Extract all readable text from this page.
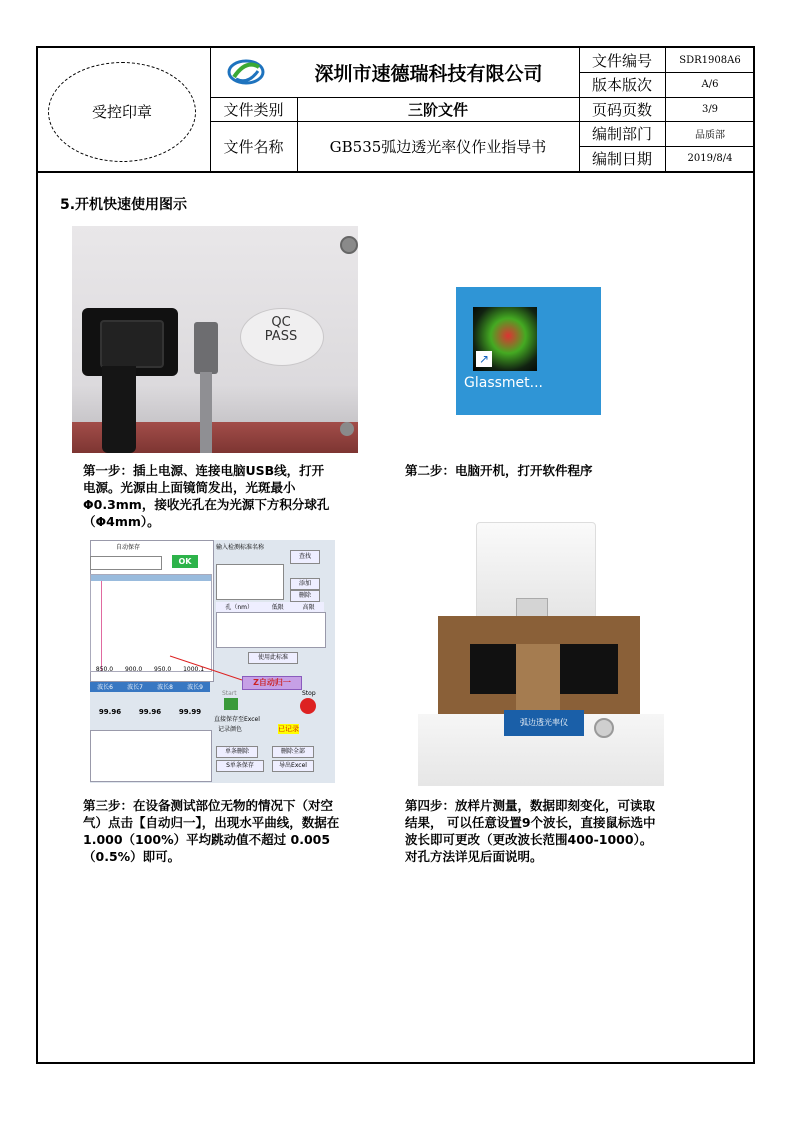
受控印章
深圳市速德瑞科技有限公司
文件类别	三阶文件
文件名称	GB535弧边透光率仪作业指导书
文件编号	SDR1908A6
版本版次	A/6
页码页数	3/9
编制部门	品质部
编制日期	2019/8/4
5.开机快速使用图示
QC
PASS
↗
Glassmet...
第一步：插上电源、连接电脑USB线，打开电源。光源由上面镜筒发出，光斑最小Φ0.3mm，接收光孔在为光源下方积分球孔（Φ4mm）。
第二步：电脑开机，打开软件程序
自动保存
OK
850.0 900.0 950.0 1000.1
波长6 波长7 波长8 波长9
99.96	99.96	99.99
输入检测标准名称
查找
添加
删除
孔（nm）	低限	高限
使用此标准
Z自动归一
Start	Stop
直接保存至Excel
记录颜色	已记录
单条删除	删除全部
S单条保存	导出Excel
弧边透光率仪
第三步：在设备测试部位无物的情况下（对空气）点击【自动归一】，出现水平曲线，数据在 1.000（100%）平均跳动值不超过 0.005（0.5%）即可。
第四步：放样片测量，数据即刻变化，可读取结果， 可以任意设置9个波长，直接鼠标选中波长即可更改（更改波长范围400-1000）。对孔方法详见后面说明。
